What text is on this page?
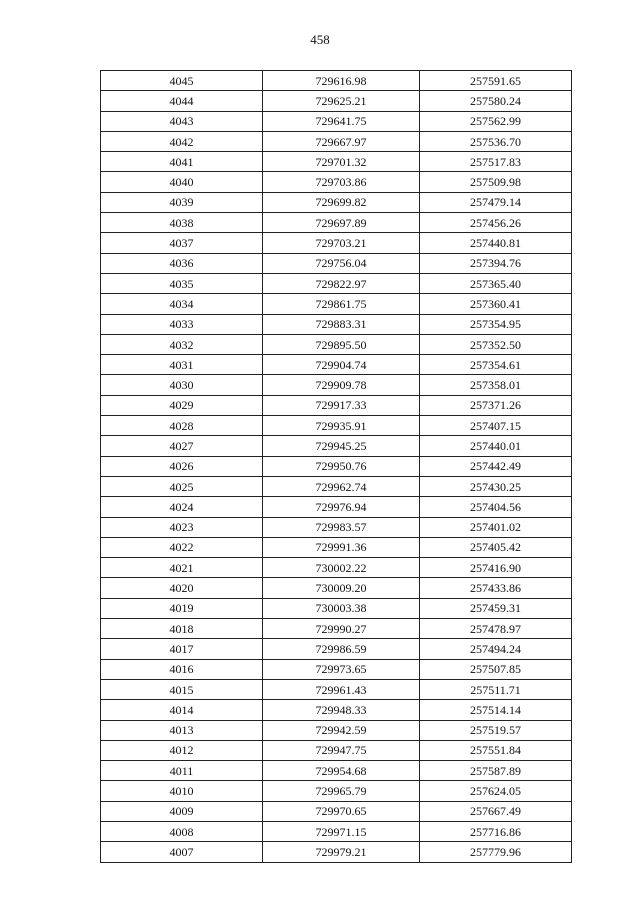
458
4045	729616.98	257591.65
4044	729625.21	257580.24
4043	729641.75	257562.99
4042	729667.97	257536.70
4041	729701.32	257517.83
4040	729703.86	257509.98
4039	729699.82	257479.14
4038	729697.89	257456.26
4037	729703.21	257440.81
4036	729756.04	257394.76
4035	729822.97	257365.40
4034	729861.75	257360.41
4033	729883.31	257354.95
4032	729895.50	257352.50
4031	729904.74	257354.61
4030	729909.78	257358.01
4029	729917.33	257371.26
4028	729935.91	257407.15
4027	729945.25	257440.01
4026	729950.76	257442.49
4025	729962.74	257430.25
4024	729976.94	257404.56
4023	729983.57	257401.02
4022	729991.36	257405.42
4021	730002.22	257416.90
4020	730009.20	257433.86
4019	730003.38	257459.31
4018	729990.27	257478.97
4017	729986.59	257494.24
4016	729973.65	257507.85
4015	729961.43	257511.71
4014	729948.33	257514.14
4013	729942.59	257519.57
4012	729947.75	257551.84
4011	729954.68	257587.89
4010	729965.79	257624.05
4009	729970.65	257667.49
4008	729971.15	257716.86
4007	729979.21	257779.96
